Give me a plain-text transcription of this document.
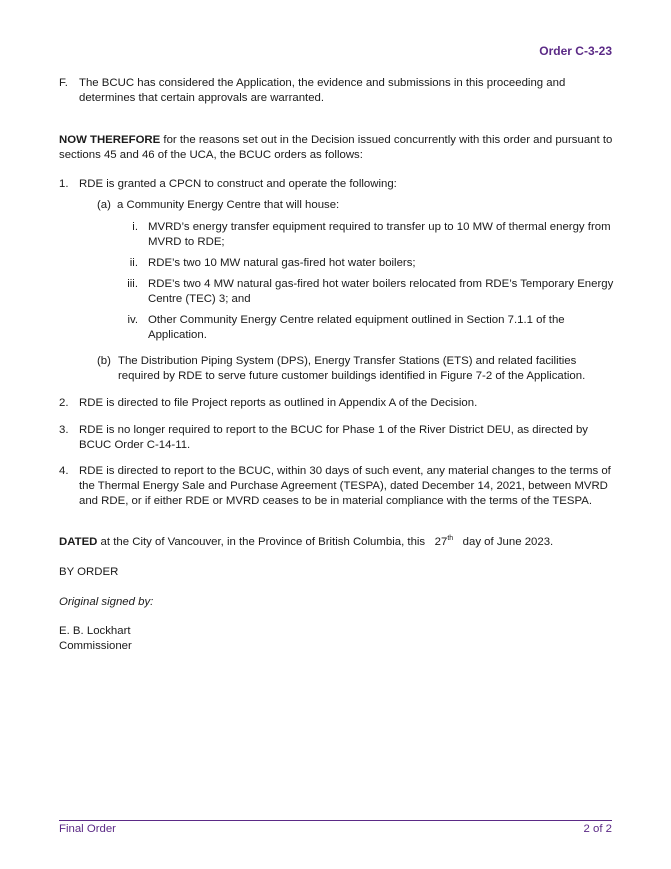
Order C-3-23
F. The BCUC has considered the Application, the evidence and submissions in this proceeding and determines that certain approvals are warranted.
NOW THEREFORE for the reasons set out in the Decision issued concurrently with this order and pursuant to sections 45 and 46 of the UCA, the BCUC orders as follows:
1. RDE is granted a CPCN to construct and operate the following:
(a) a Community Energy Centre that will house:
i. MVRD’s energy transfer equipment required to transfer up to 10 MW of thermal energy from MVRD to RDE;
ii. RDE’s two 10 MW natural gas-fired hot water boilers;
iii. RDE’s two 4 MW natural gas-fired hot water boilers relocated from RDE’s Temporary Energy Centre (TEC) 3; and
iv. Other Community Energy Centre related equipment outlined in Section 7.1.1 of the Application.
(b) The Distribution Piping System (DPS), Energy Transfer Stations (ETS) and related facilities required by RDE to serve future customer buildings identified in Figure 7-2 of the Application.
2. RDE is directed to file Project reports as outlined in Appendix A of the Decision.
3. RDE is no longer required to report to the BCUC for Phase 1 of the River District DEU, as directed by BCUC Order C-14-11.
4. RDE is directed to report to the BCUC, within 30 days of such event, any material changes to the terms of the Thermal Energy Sale and Purchase Agreement (TESPA), dated December 14, 2021, between MVRD and RDE, or if either RDE or MVRD ceases to be in material compliance with the terms of the TESPA.
DATED at the City of Vancouver, in the Province of British Columbia, this 27th day of June 2023.
BY ORDER
Original signed by:
E. B. Lockhart
Commissioner
Final Order	2 of 2
